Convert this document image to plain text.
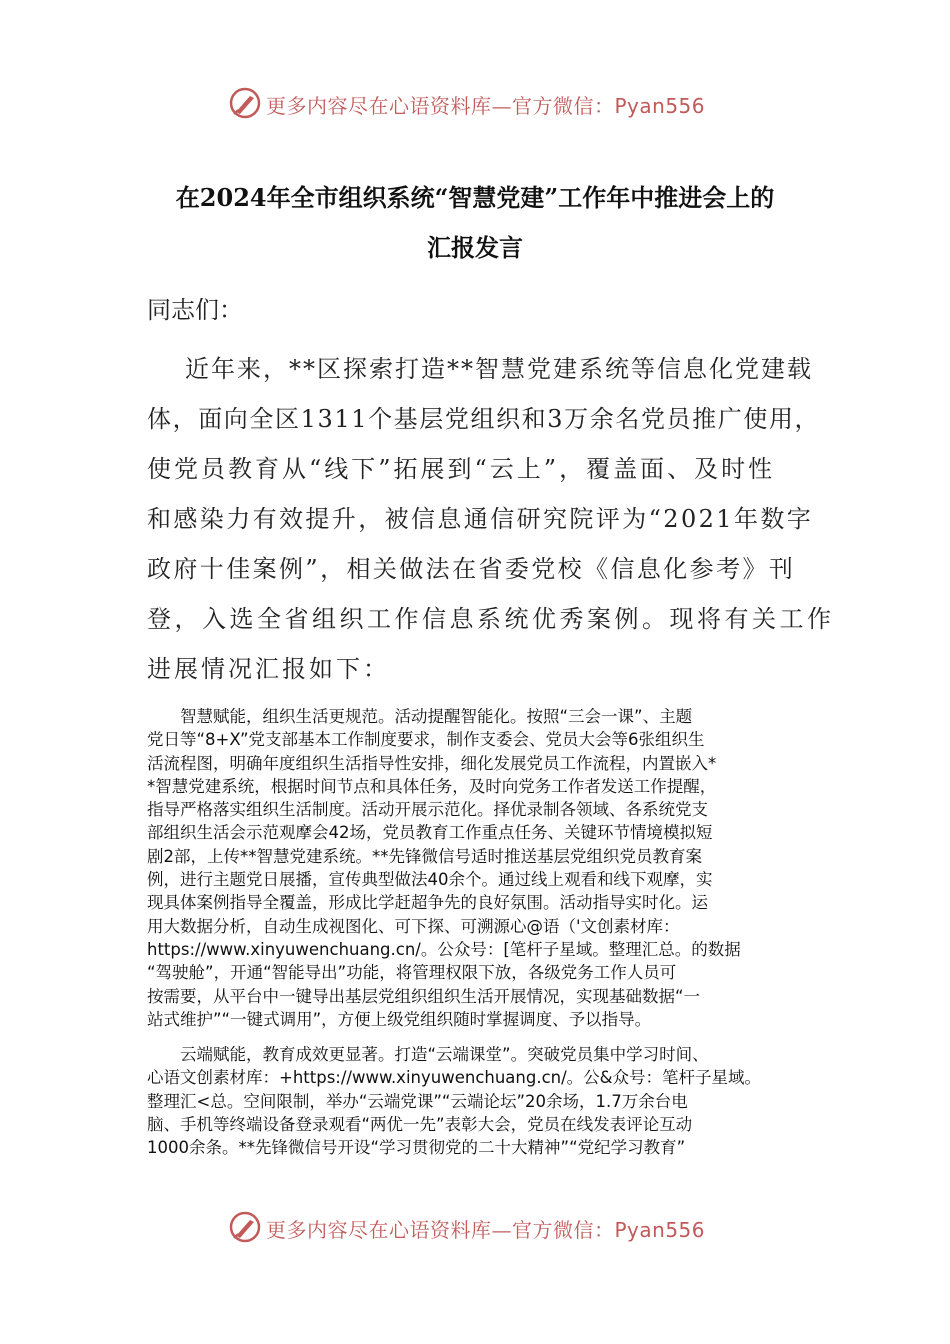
更多内容尽在心语资料库—官方微信：Pyan556
在2024年全市组织系统“智慧党建”工作年中推进会上的
汇报发言
同志们：
近年来，**区探索打造**智慧党建系统等信息化党建载
体，面向全区1311个基层党组织和3万余名党员推广使用，
使党员教育从“线下”拓展到“云上”，覆盖面、及时性
和感染力有效提升，被信息通信研究院评为“2021年数字
政府十佳案例”，相关做法在省委党校《信息化参考》刊
登，入选全省组织工作信息系统优秀案例。现将有关工作
进展情况汇报如下：
　　智慧赋能，组织生活更规范。活动提醒智能化。按照“三会一课”、主题
党日等“8+X”党支部基本工作制度要求，制作支委会、党员大会等6张组织生
活流程图，明确年度组织生活指导性安排，细化发展党员工作流程，内置嵌入*
*智慧党建系统，根据时间节点和具体任务，及时向党务工作者发送工作提醒，
指导严格落实组织生活制度。活动开展示范化。择优录制各领域、各系统党支
部组织生活会示范观摩会42场，党员教育工作重点任务、关键环节情境模拟短
剧2部，上传**智慧党建系统。**先锋微信号适时推送基层党组织党员教育案
例，进行主题党日展播，宣传典型做法40余个。通过线上观看和线下观摩，实
现具体案例指导全覆盖，形成比学赶超争先的良好氛围。活动指导实时化。运
用大数据分析，自动生成视图化、可下探、可溯源心@语（'文创素材库：
https://www.xinyuwenchuang.cn/。公众号：[笔杆子星域。整理汇总。的数据
“驾驶舱”，开通“智能导出”功能，将管理权限下放，各级党务工作人员可
按需要，从平台中一键导出基层党组织组织生活开展情况，实现基础数据“一
站式维护”“一键式调用”，方便上级党组织随时掌握调度、予以指导。
　　云端赋能，教育成效更显著。打造“云端课堂”。突破党员集中学习时间、
心语文创素材库：+https://www.xinyuwenchuang.cn/。公&众号：笔杆子星域。
整理汇<总。空间限制，举办“云端党课”“云端论坛”20余场，1.7万余台电
脑、手机等终端设备登录观看“两优一先”表彰大会，党员在线发表评论互动
1000余条。**先锋微信号开设“学习贯彻党的二十大精神”“党纪学习教育”
更多内容尽在心语资料库—官方微信：Pyan556
